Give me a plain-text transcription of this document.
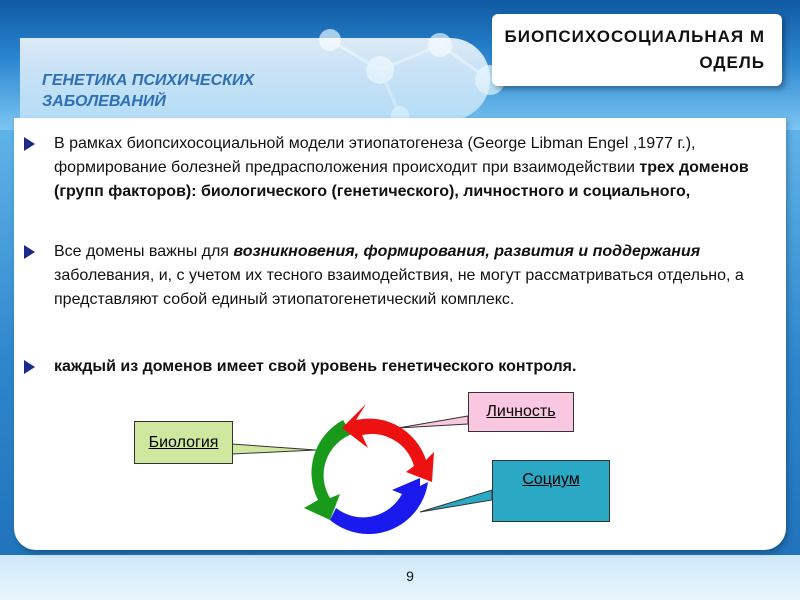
ГЕНЕТИКА ПСИХИЧЕСКИХ ЗАБОЛЕВАНИЙ
БИОПСИХОСОЦИАЛЬНАЯ МОДЕЛЬ
В рамках биопсихосоциальной модели этиопатогенеза (George Libman Engel ,1977 г.), формирование болезней предрасположения происходит при взаимодействии трех доменов (групп факторов): биологического (генетического), личностного и социального,
Все домены важны для возникновения, формирования, развития и поддержания заболевания, и, с учетом их тесного взаимодействия, не могут рассматриваться отдельно, а представляют собой единый этиопатогенетический комплекс.
каждый из доменов имеет свой уровень генетического контроля.
Биология
Личность
Социум
9
